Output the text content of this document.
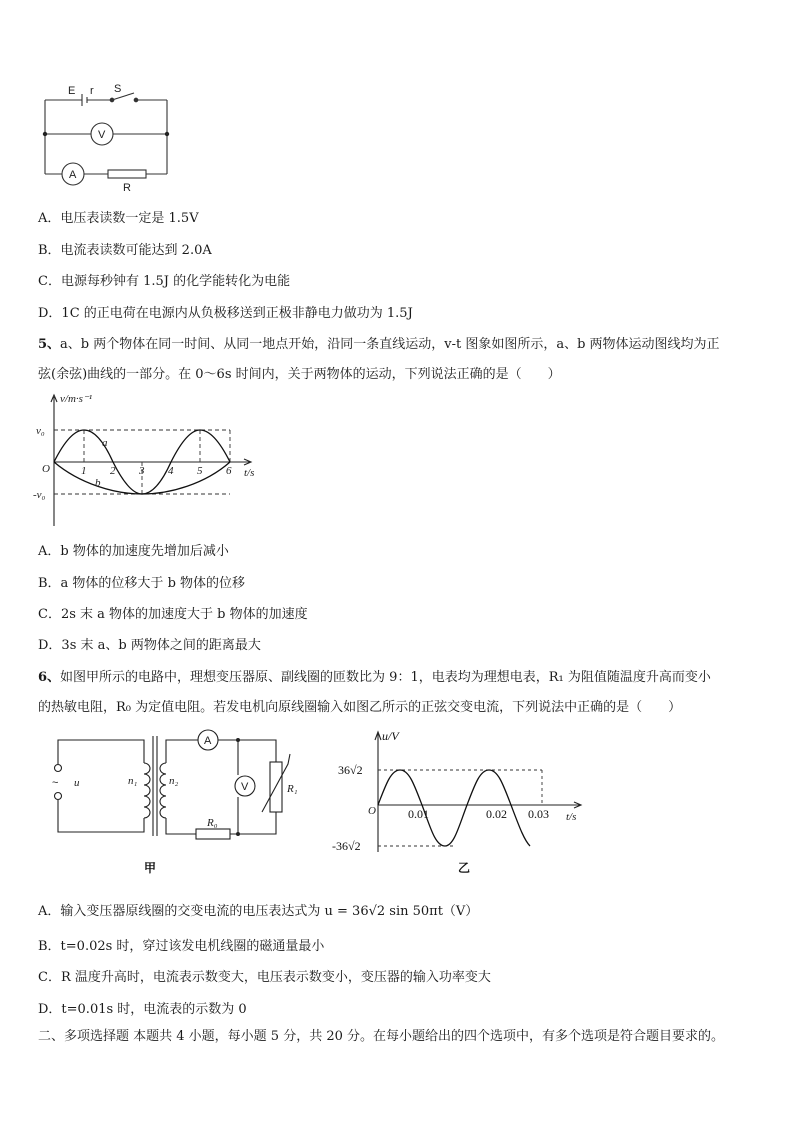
E r S
V
A
R
A．电压表读数一定是 1.5V
B．电流表读数可能达到 2.0A
C．电源每秒钟有 1.5J 的化学能转化为电能
D．1C 的正电荷在电源内从负极移送到正极非静电力做功为 1.5J
5、a、b 两个物体在同一时间、从同一地点开始，沿同一条直线运动，v-t 图象如图所示，a、b 两物体运动图线均为正
弦(余弦)曲线的一部分。在 0～6s 时间内，关于两物体的运动，下列说法正确的是（　　）
v/m·s⁻¹
t/s
v₀
-v₀
O	1 2 3 4 5 6
a
b
A．b 物体的加速度先增加后减小
B．a 物体的位移大于 b 物体的位移
C．2s 末 a 物体的加速度大于 b 物体的加速度
D．3s 末 a、b 两物体之间的距离最大
6、如图甲所示的电路中，理想变压器原、副线圈的匝数比为 9：1，电表均为理想电表，R₁ 为阻值随温度升高而变小
的热敏电阻，R₀ 为定值电阻。若发电机向原线圈输入如图乙所示的正弦交变电流，下列说法中正确的是（　　）
~ u	n₁	n₂
A
V	R₁
R₀
甲
u/V
t/s
O
36√2
-36√2
0.01	0.02 0.03
乙
A．输入变压器原线圈的交变电流的电压表达式为 u = 36√2 sin 50πt（V）
B．t=0.02s 时，穿过该发电机线圈的磁通量最小
C．R 温度升高时，电流表示数变大，电压表示数变小，变压器的输入功率变大
D．t=0.01s 时，电流表的示数为 0
二、多项选择题 本题共 4 小题，每小题 5 分，共 20 分。在每小题给出的四个选项中，有多个选项是符合题目要求的。
